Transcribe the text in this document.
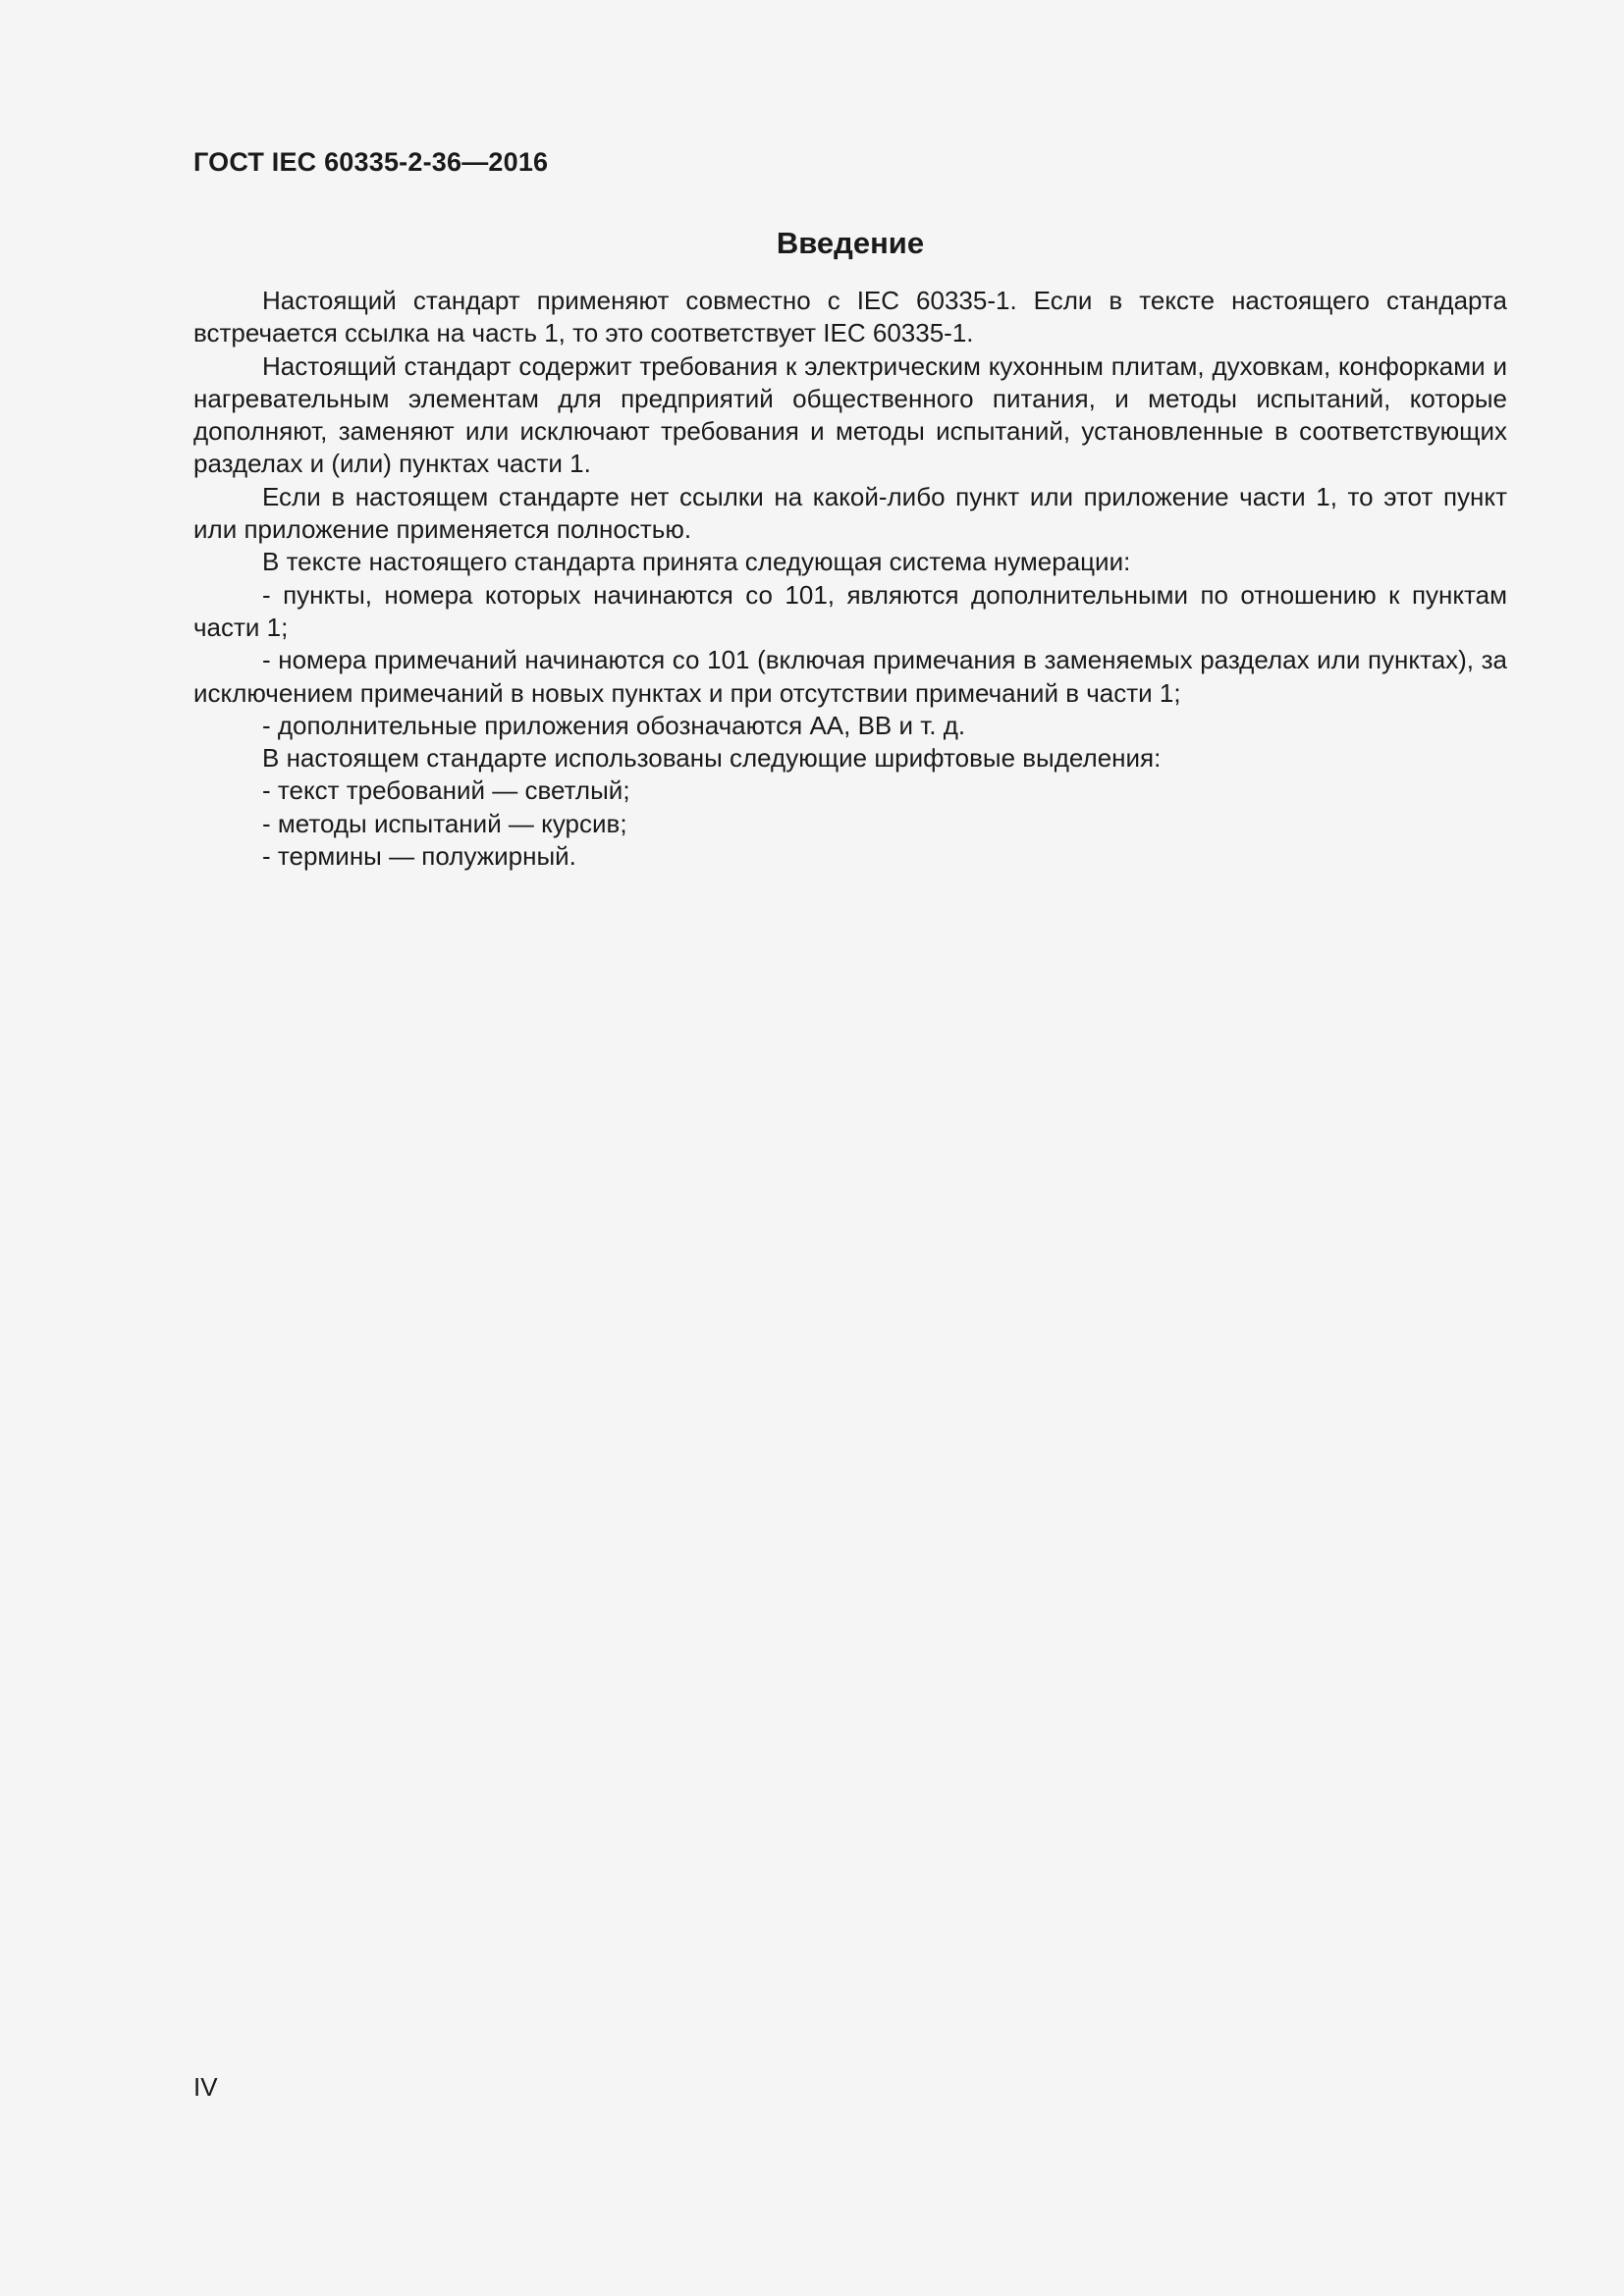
ГОСТ IEC 60335-2-36—2016
Введение

Настоящий стандарт применяют совместно с IEC 60335-1. Если в тексте настоящего стандарта встречается ссылка на часть 1, то это соответствует IEC 60335-1.

Настоящий стандарт содержит требования к электрическим кухонным плитам, духовкам, конфорками и нагревательным элементам для предприятий общественного питания, и методы испытаний, которые дополняют, заменяют или исключают требования и методы испытаний, установленные в соответствующих разделах и (или) пунктах части 1.

Если в настоящем стандарте нет ссылки на какой-либо пункт или приложение части 1, то этот пункт или приложение применяется полностью.

В тексте настоящего стандарта принята следующая система нумерации:

- пункты, номера которых начинаются со 101, являются дополнительными по отношению к пунктам части 1;

- номера примечаний начинаются со 101 (включая примечания в заменяемых разделах или пунктах), за исключением примечаний в новых пунктах и при отсутствии примечаний в части 1;

- дополнительные приложения обозначаются АА, ВВ и т. д.

В настоящем стандарте использованы следующие шрифтовые выделения:

- текст требований — светлый;

- методы испытаний — курсив;

- термины — полужирный.

IV
